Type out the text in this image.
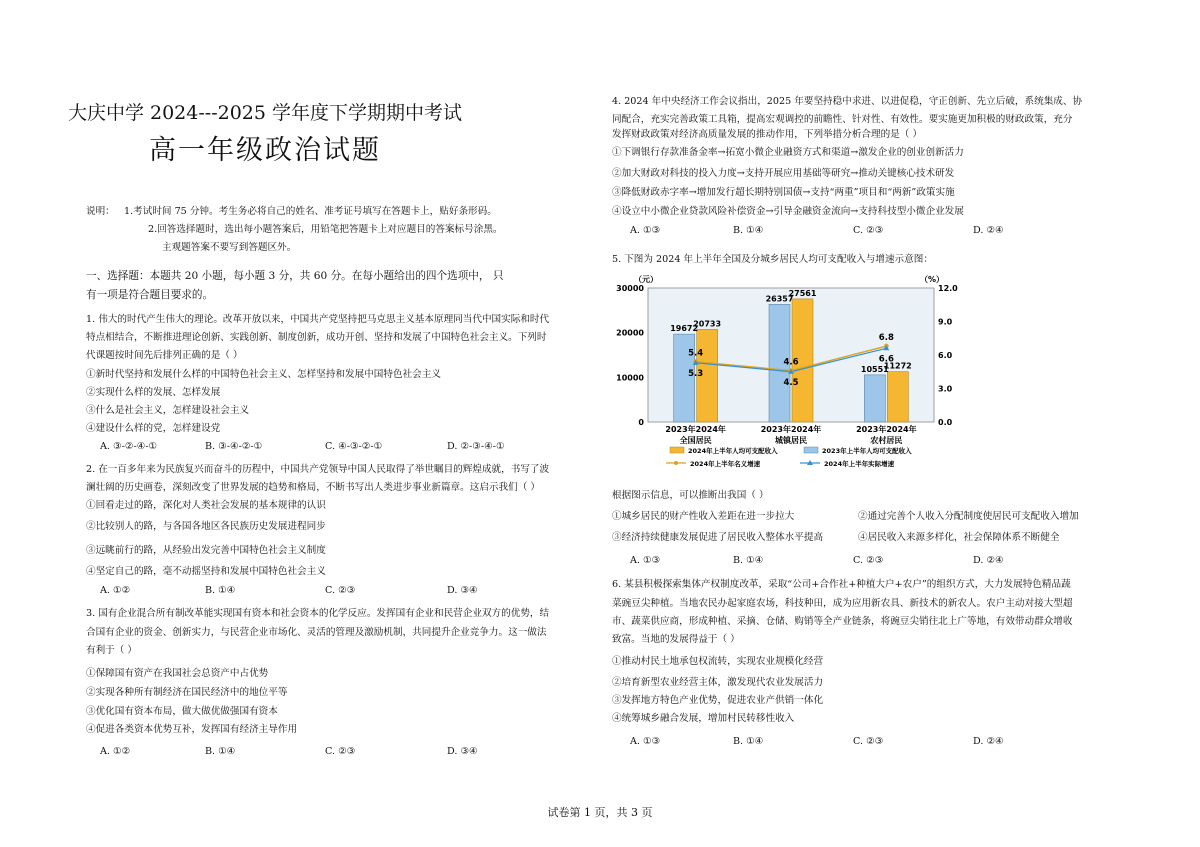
大庆中学 2024---2025 学年度下学期期中考试
高一年级政治试题
说明： 1.考试时间 75 分钟。考生务必将自己的姓名、准考证号填写在答题卡上，贴好条形码。
2.回答选择题时，选出每小题答案后，用铅笔把答题卡上对应题目的答案标号涂黑。
主观题答案不要写到答题区外。
一、选择题：本题共 20 小题，每小题 3 分，共 60 分。在每小题给出的四个选项中， 只
有一项是符合题目要求的。
1. 伟大的时代产生伟大的理论。改革开放以来，中国共产党坚持把马克思主义基本原理同当代中国实际和时代
特点相结合，不断推进理论创新、实践创新、制度创新，成功开创、坚持和发展了中国特色社会主义。下列时
代课题按时间先后排列正确的是（ ）
①新时代坚持和发展什么样的中国特色社会主义、怎样坚持和发展中国特色社会主义
②实现什么样的发展、怎样发展
③什么是社会主义，怎样建设社会主义
④建设什么样的党，怎样建设党
A. ③-②-④-①	B. ③-④-②-①	C. ④-③-②-①	D. ②-③-④-①
2. 在一百多年来为民族复兴而奋斗的历程中，中国共产党领导中国人民取得了举世瞩目的辉煌成就，书写了波
澜壮阔的历史画卷，深刻改变了世界发展的趋势和格局，不断书写出人类进步事业新篇章。这启示我们（ ）
①回看走过的路，深化对人类社会发展的基本规律的认识
②比较别人的路，与各国各地区各民族历史发展进程同步
③远眺前行的路，从经验出发完善中国特色社会主义制度
④坚定自己的路，毫不动摇坚持和发展中国特色社会主义
A. ①②	B. ①④	C. ②③	D. ③④
3. 国有企业混合所有制改革能实现国有资本和社会资本的化学反应。发挥国有企业和民营企业双方的优势，结
合国有企业的资金、创新实力，与民营企业市场化、灵活的管理及激励机制，共同提升企业竞争力。这一做法
有利于（ ）
①保障国有资产在我国社会总资产中占优势
②实现各种所有制经济在国民经济中的地位平等
③优化国有资本布局，做大做优做强国有资本
④促进各类资本优势互补，发挥国有经济主导作用
A. ①②	B. ①④	C. ②③	D. ③④
4. 2024 年中央经济工作会议指出，2025 年要坚持稳中求进、以进促稳，守正创新、先立后破，系统集成、协
同配合，充实完善政策工具箱，提高宏观调控的前瞻性、针对性、有效性。要实施更加积极的财政政策，充分
发挥财政政策对经济高质量发展的推动作用，下列举措分析合理的是（ ）
①下调银行存款准备金率→拓宽小微企业融资方式和渠道→激发企业的创业创新活力
②加大财政对科技的投入力度→支持开展应用基础等研究→推动关键核心技术研发
③降低财政赤字率→增加发行超长期特别国债→支持“两重”项目和“两新”政策实施
④设立中小微企业贷款风险补偿资金→引导金融资金流向→支持科技型小微企业发展
A. ①③	B. ①④	C. ②③	D. ②④
5. 下图为 2024 年上半年全国及分城乡居民人均可支配收入与增速示意图：
19672
20733
26357
27561
10551
11272
5.4
4.6
6.8
5.3
4.5
6.6
30000
20000
10000
0
12.0
9.0
6.0
3.0
0.0
2023年2024年
全国居民
2023年2024年
城镇居民
2023年2024年
农村居民
（元）	（%）
2024年上半年人均可支配收入	2023年上半年人均可支配收入
2024年上半年名义增速	2024年上半年实际增速
根据图示信息，可以推断出我国（ ）
①城乡居民的财产性收入差距在进一步拉大	②通过完善个人收入分配制度使居民可支配收入增加
③经济持续健康发展促进了居民收入整体水平提高	④居民收入来源多样化，社会保障体系不断健全
A. ①③	B. ①④	C. ②③	D. ②④
6. 某县积极探索集体产权制度改革，采取“公司+合作社+种植大户+农户”的组织方式，大力发展特色精品蔬
菜豌豆尖种植。当地农民办起家庭农场，科技种田，成为应用新农具、新技术的新农人。农户主动对接大型超
市、蔬菜供应商，形成种植、采摘、仓储、购销等全产业链条，将豌豆尖销往北上广等地，有效带动群众增收
致富。当地的发展得益于（ ）
①推动村民土地承包权流转，实现农业规模化经营
②培育新型农业经营主体，激发现代农业发展活力
③发挥地方特色产业优势，促进农业产供销一体化
④统筹城乡融合发展，增加村民转移性收入
A. ①③	B. ①④	C. ②③	D. ②④
试卷第 1 页，共 3 页
